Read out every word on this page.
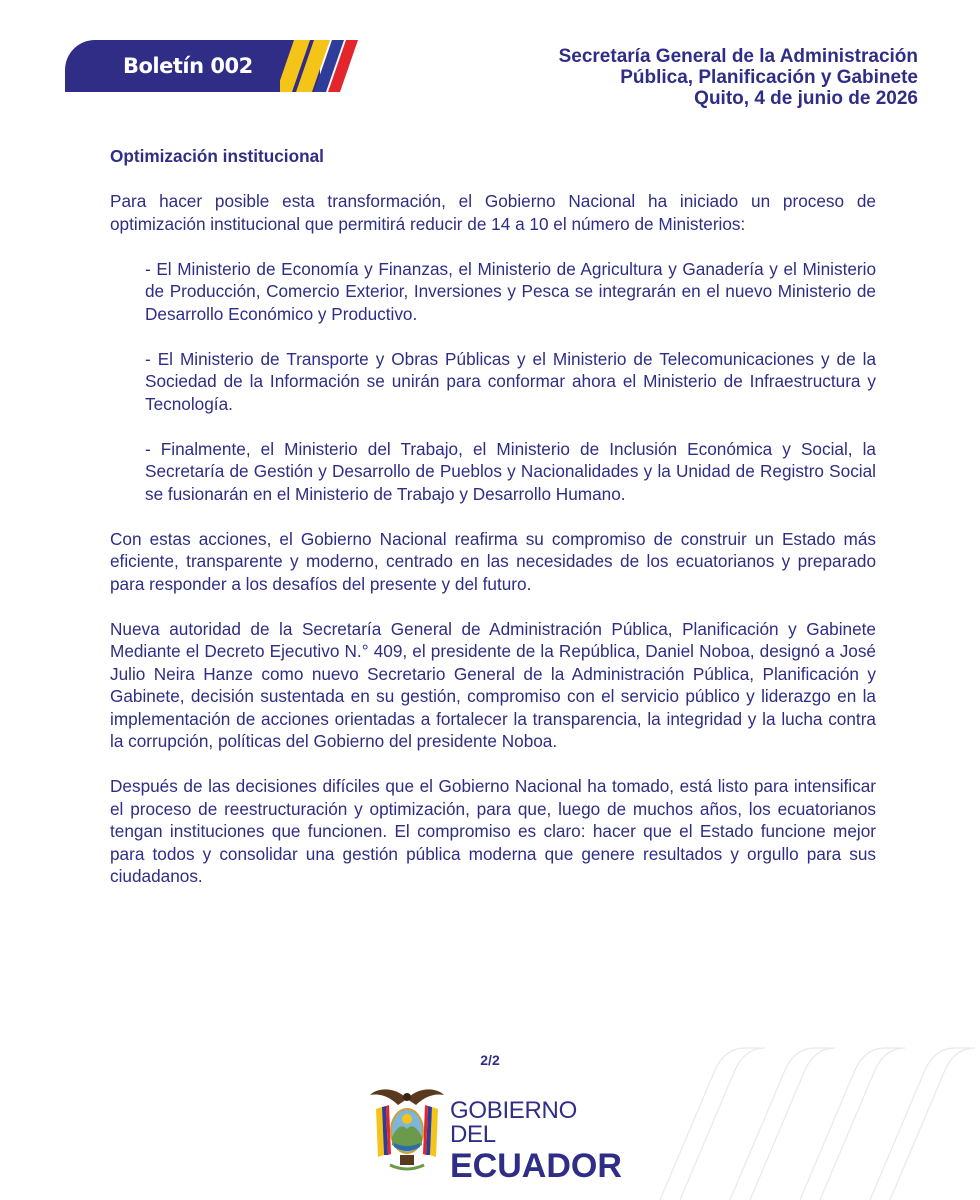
Boletín 002	Secretaría General de la Administración
Pública, Planificación y Gabinete
Quito, 4 de junio de 2026

Optimización institucional

Para hacer posible esta transformación, el Gobierno Nacional ha iniciado un proceso de optimización institucional que permitirá reducir de 14 a 10 el número de Ministerios:

- El Ministerio de Economía y Finanzas, el Ministerio de Agricultura y Ganadería y el Ministerio de Producción, Comercio Exterior, Inversiones y Pesca se integrarán en el nuevo Ministerio de Desarrollo Económico y Productivo.

- El Ministerio de Transporte y Obras Públicas y el Ministerio de Telecomunicaciones y de la Sociedad de la Información se unirán para conformar ahora el Ministerio de Infraestructura y Tecnología.

- Finalmente, el Ministerio del Trabajo, el Ministerio de Inclusión Económica y Social, la Secretaría de Gestión y Desarrollo de Pueblos y Nacionalidades y la Unidad de Registro Social se fusionarán en el Ministerio de Trabajo y Desarrollo Humano.

Con estas acciones, el Gobierno Nacional reafirma su compromiso de construir un Estado más eficiente, transparente y moderno, centrado en las necesidades de los ecuatorianos y preparado para responder a los desafíos del presente y del futuro.

Nueva autoridad de la Secretaría General de Administración Pública, Planificación y Gabinete Mediante el Decreto Ejecutivo N.° 409, el presidente de la República, Daniel Noboa, designó a José Julio Neira Hanze como nuevo Secretario General de la Administración Pública, Planificación y Gabinete, decisión sustentada en su gestión, compromiso con el servicio público y liderazgo en la implementación de acciones orientadas a fortalecer la transparencia, la integridad y la lucha contra la corrupción, políticas del Gobierno del presidente Noboa.

Después de las decisiones difíciles que el Gobierno Nacional ha tomado, está listo para intensificar el proceso de reestructuración y optimización, para que, luego de muchos años, los ecuatorianos tengan instituciones que funcionen. El compromiso es claro: hacer que el Estado funcione mejor para todos y consolidar una gestión pública moderna que genere resultados y orgullo para sus ciudadanos.

2/2
GOBIERNO DEL
ECUADOR
